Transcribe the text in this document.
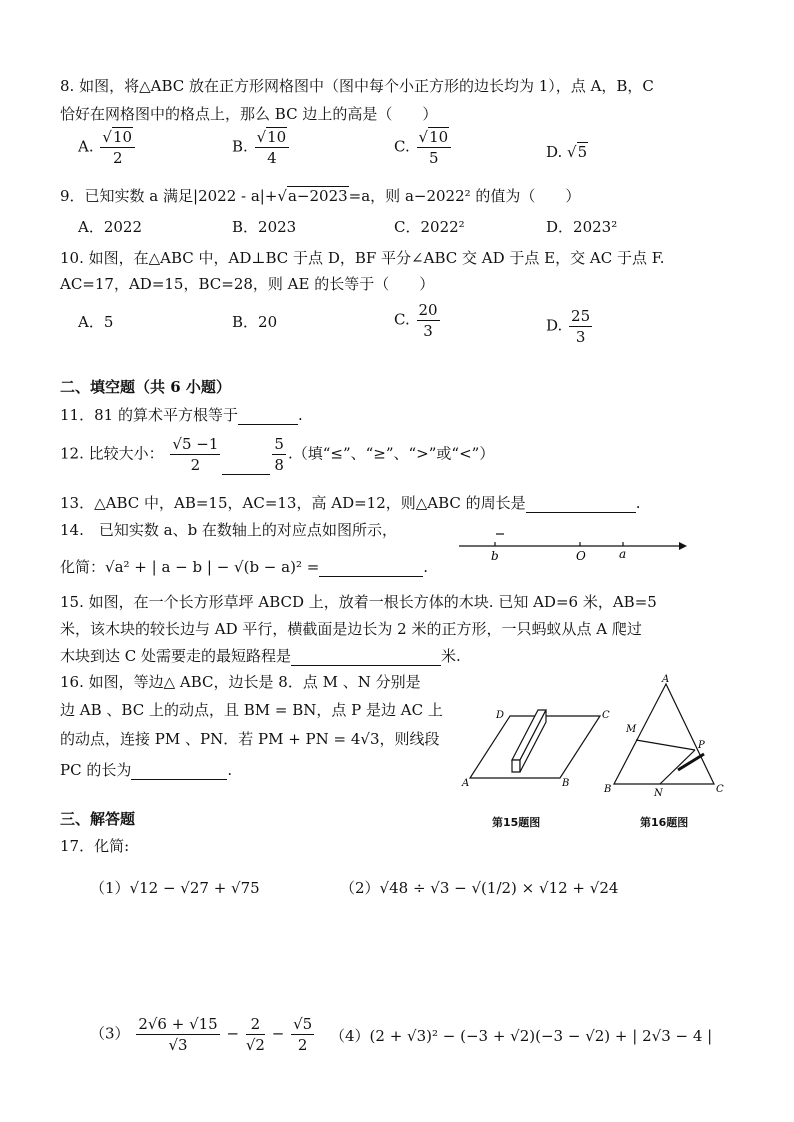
8. 如图，将△ABC 放在正方形网格图中（图中每个小正方形的边长均为 1），点 A，B，C
恰好在网格图中的格点上，那么 BC 边上的高是（　　）
A. $\frac{√10}{2}$	B. $\frac{√10}{4}$	C. $\frac{√10}{5}$	D. √5
9．已知实数 a 满足|2022 - a|+√a−2023=a，则 a−2022² 的值为（　　）
A．2022	B．2023	C．2022²	D．2023²
10. 如图，在△ABC 中，AD⊥BC 于点 D，BF 平分∠ABC 交 AD 于点 E，交 AC 于点 F.
AC=17，AD=15，BC=28，则 AE 的长等于（　　）
A．5	B．20	C. $\frac{20}{3}$	D. $\frac{25}{3}$
二、填空题（共 6 小题）
11．81 的算术平方根等于	.
12. 比较大小： $\frac{√5 -1}{2}$	$\frac{5}{8}$ .（填“≤”、“≥”、“>”或“<”）
13．△ABC 中，AB=15，AC=13，高 AD=12，则△ABC 的周长是	.
14.　已知实数 a、b 在数轴上的对应点如图所示，
化简：√a² + | a − b | − √(b − a)² =	.
b	O	a
15. 如图，在一个长方形草坪 ABCD 上，放着一根长方体的木块. 已知 AD=6 米，AB=5
米，该木块的较长边与 AD 平行，横截面是边长为 2 米的正方形，一只蚂蚁从点 A 爬过
木块到达 C 处需要走的最短路程是	米.
16. 如图，等边△ ABC，边长是 8．点 M 、N 分别是
边 AB 、BC 上的动点，且 BM = BN，点 P 是边 AC 上
的动点，连接 PM 、PN．若 PM + PN = 4√3，则线段
PC 的长为	.
D	C
A	B
第15题图
A
M
P
B	N	C
第16题图
三、解答题
17．化简:
（1）√12 − √27 + √75	（2）√48 ÷ √3 − √(1/2) × √12 + √24
$(3) \frac{2√6 + √15}{√3} - \frac{2}{√2} - \frac{√5}{2} (4)(2 + √3)^2 - (-3 + √2)(-3 - √2)$ + | 2√3 − 4 |
